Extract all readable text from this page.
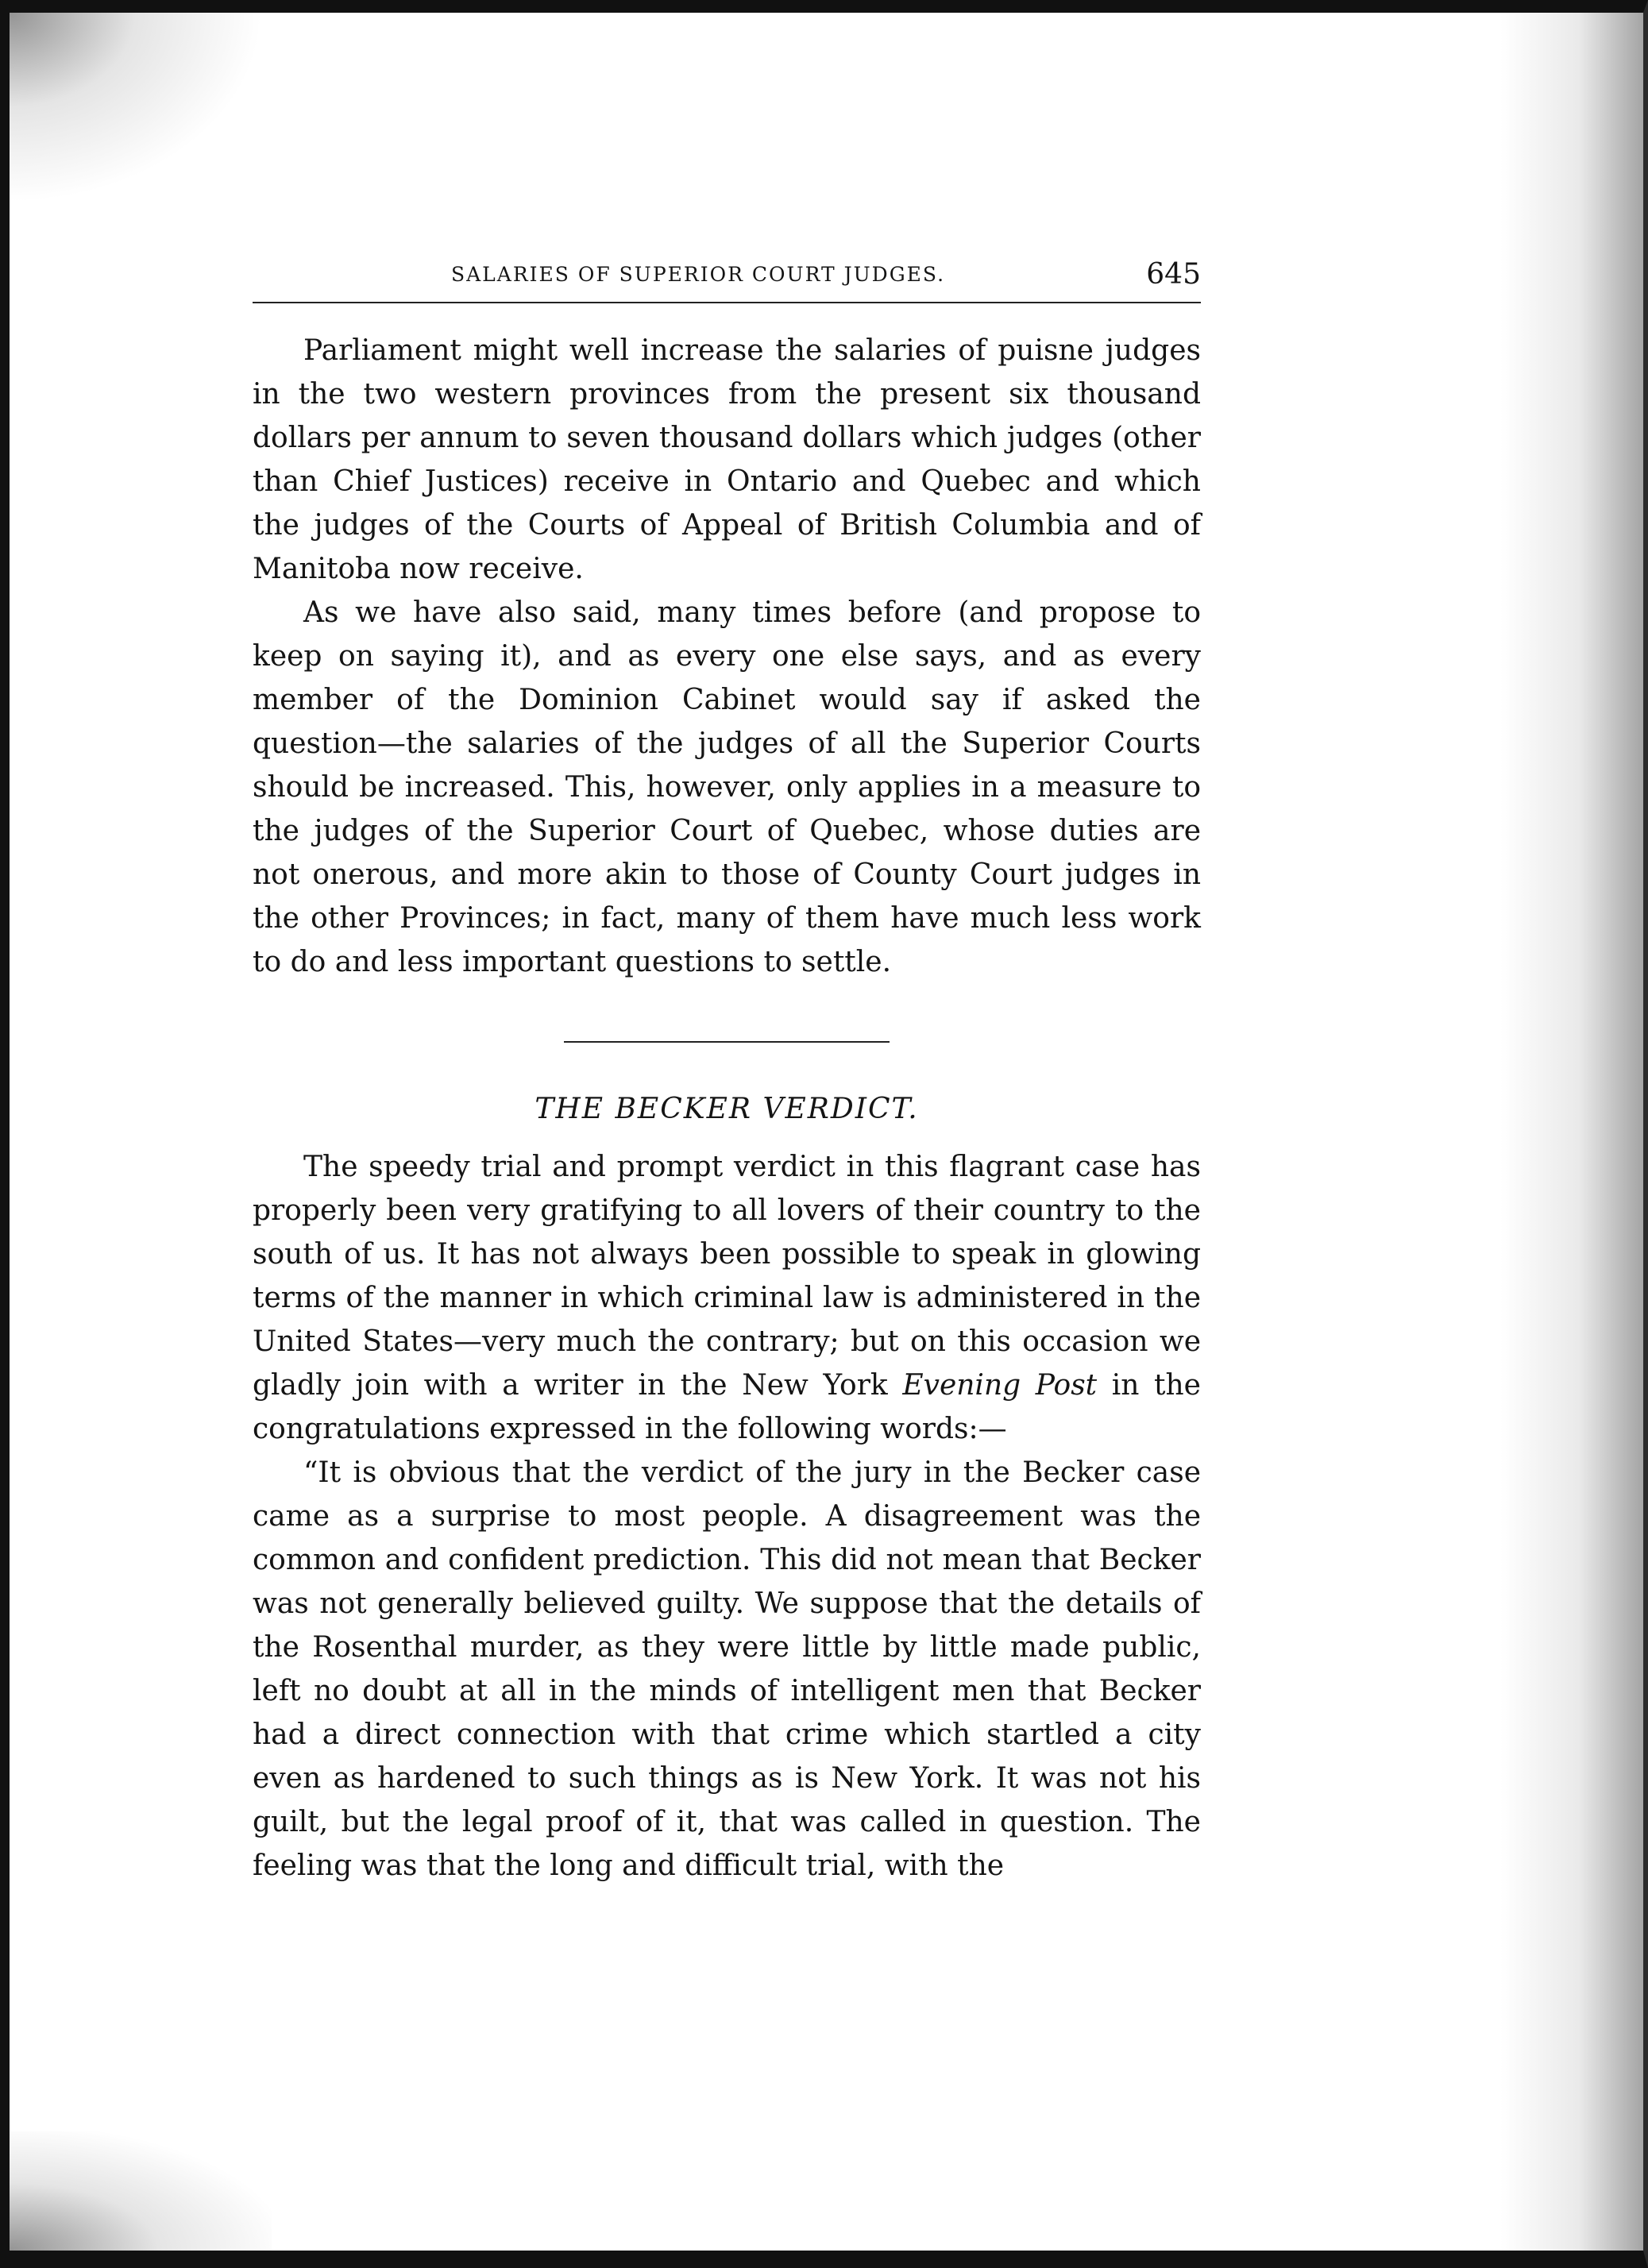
SALARIES OF SUPERIOR COURT JUDGES.	645

Parliament might well increase the salaries of puisne judges in the two western provinces from the present six thousand dollars per annum to seven thousand dollars which judges (other than Chief Justices) receive in Ontario and Quebec and which the judges of the Courts of Appeal of British Columbia and of Manitoba now receive.

As we have also said, many times before (and propose to keep on saying it), and as every one else says, and as every member of the Dominion Cabinet would say if asked the question—the salaries of the judges of all the Superior Courts should be increased. This, however, only applies in a measure to the judges of the Superior Court of Quebec, whose duties are not onerous, and more akin to those of County Court judges in the other Provinces; in fact, many of them have much less work to do and less important questions to settle.

THE BECKER VERDICT.

The speedy trial and prompt verdict in this flagrant case has properly been very gratifying to all lovers of their country to the south of us. It has not always been possible to speak in glowing terms of the manner in which criminal law is administered in the United States—very much the contrary; but on this occasion we gladly join with a writer in the New York Evening Post in the congratulations expressed in the following words:—

“It is obvious that the verdict of the jury in the Becker case came as a surprise to most people. A disagreement was the common and confident prediction. This did not mean that Becker was not generally believed guilty. We suppose that the details of the Rosenthal murder, as they were little by little made public, left no doubt at all in the minds of intelligent men that Becker had a direct connection with that crime which startled a city even as hardened to such things as is New York. It was not his guilt, but the legal proof of it, that was called in question. The feeling was that the long and difficult trial, with the
